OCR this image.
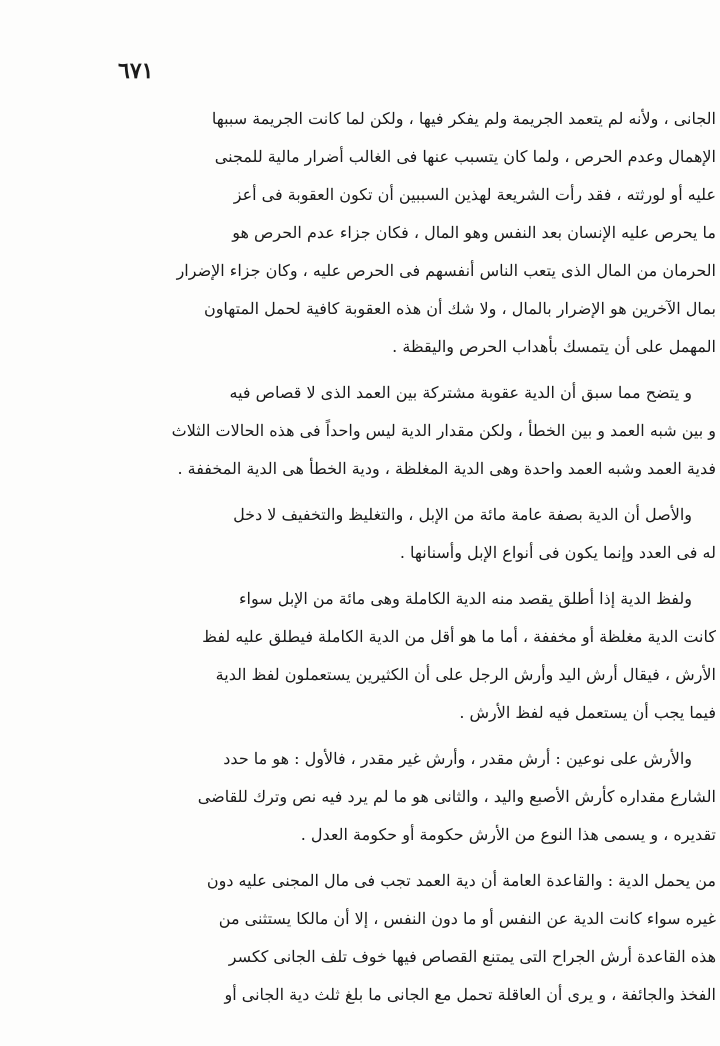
٦٧١

الجانى ، ولأنه لم يتعمد الجريمة ولم يفكر فيها ، ولكن لما كانت الجريمة سببها
الإهمال وعدم الحرص ، ولما كان يتسبب عنها فى الغالب أضرار مالية للمجنى
عليه أو لورثته ، فقد رأت الشريعة لهذين السببين أن تكون العقوبة فى أعز
ما يحرص عليه الإنسان بعد النفس وهو المال ، فكان جزاء عدم الحرص هو
الحرمان من المال الذى يتعب الناس أنفسهم فى الحرص عليه ، وكان جزاء الإضرار
بمال الآخرين هو الإضرار بالمال ، ولا شك أن هذه العقوبة كافية لحمل المتهاون
المهمل على أن يتمسك بأهداب الحرص واليقظة .

و يتضح مما سبق أن الدية عقوبة مشتركة بين العمد الذى لا قصاص فيه
و بين شبه العمد و بين الخطأ ، ولكن مقدار الدية ليس واحداً فى هذه الحالات الثلاث
فدية العمد وشبه العمد واحدة وهى الدية المغلظة ، ودية الخطأ هى الدية المخففة .

والأصل أن الدية بصفة عامة مائة من الإبل ، والتغليظ والتخفيف لا دخل
له فى العدد وإنما يكون فى أنواع الإبل وأسنانها .

ولفظ الدية إذا أطلق يقصد منه الدية الكاملة وهى مائة من الإبل سواء
كانت الدية مغلظة أو مخففة ، أما ما هو أقل من الدية الكاملة فيطلق عليه لفظ
الأرش ، فيقال أرش اليد وأرش الرجل على أن الكثيرين يستعملون لفظ الدية
فيما يجب أن يستعمل فيه لفظ الأرش .

والأرش على نوعين : أرش مقدر ، وأرش غير مقدر ، فالأول : هو ما حدد
الشارع مقداره كأرش الأصبع واليد ، والثانى هو ما لم يرد فيه نص وترك للقاضى
تقديره ، و يسمى هذا النوع من الأرش حكومة أو حكومة العدل .

من يحمل الدية : والقاعدة العامة أن دية العمد تجب فى مال المجنى عليه دون
غيره سواء كانت الدية عن النفس أو ما دون النفس ، إلا أن مالكا يستثنى من
هذه القاعدة أرش الجراح التى يمتنع القصاص فيها خوف تلف الجانى ككسر
الفخذ والجائفة ، و يرى أن العاقلة تحمل مع الجانى ما بلغ ثلث دية الجانى أو
